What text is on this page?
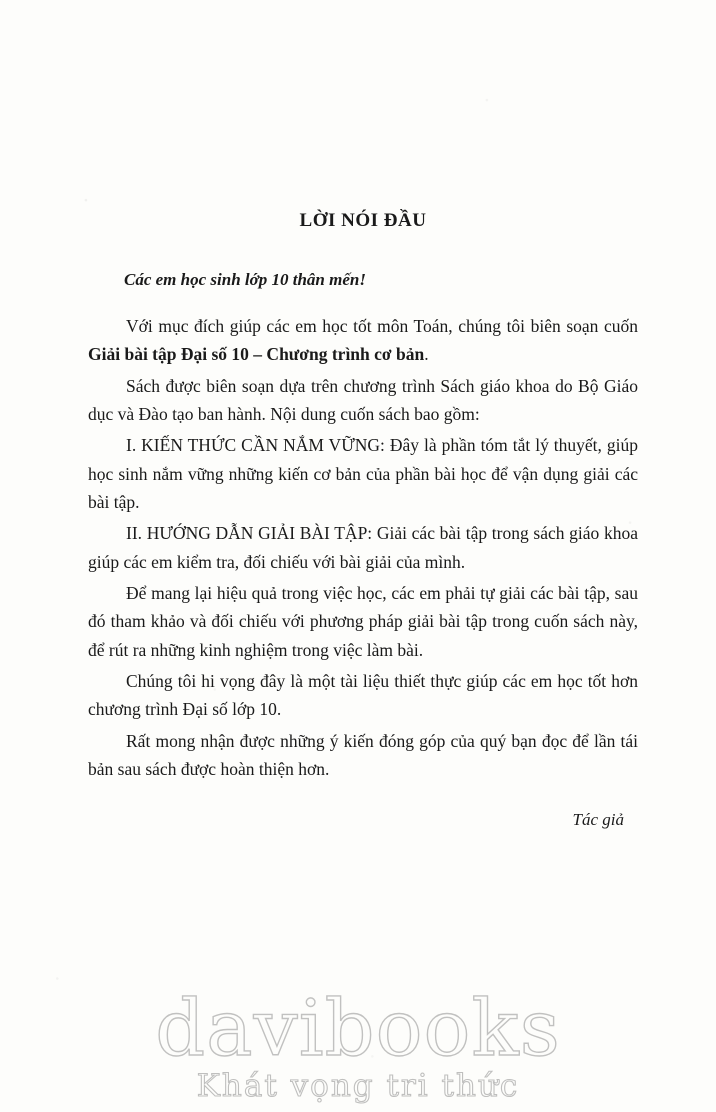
LỜI NÓI ĐẦU
Các em học sinh lớp 10 thân mến!

Với mục đích giúp các em học tốt môn Toán, chúng tôi biên soạn cuốn Giải bài tập Đại số 10 – Chương trình cơ bản.

Sách được biên soạn dựa trên chương trình Sách giáo khoa do Bộ Giáo dục và Đào tạo ban hành. Nội dung cuốn sách bao gồm:

I. KIẾN THỨC CẦN NẮM VỮNG: Đây là phần tóm tắt lý thuyết, giúp học sinh nắm vững những kiến cơ bản của phần bài học để vận dụng giải các bài tập.

II. HƯỚNG DẪN GIẢI BÀI TẬP: Giải các bài tập trong sách giáo khoa giúp các em kiểm tra, đối chiếu với bài giải của mình.

Để mang lại hiệu quả trong việc học, các em phải tự giải các bài tập, sau đó tham khảo và đối chiếu với phương pháp giải bài tập trong cuốn sách này, để rút ra những kinh nghiệm trong việc làm bài.

Chúng tôi hi vọng đây là một tài liệu thiết thực giúp các em học tốt hơn chương trình Đại số lớp 10.

Rất mong nhận được những ý kiến đóng góp của quý bạn đọc để lần tái bản sau sách được hoàn thiện hơn.

Tác giả
davibooks
Khát vọng tri thức
